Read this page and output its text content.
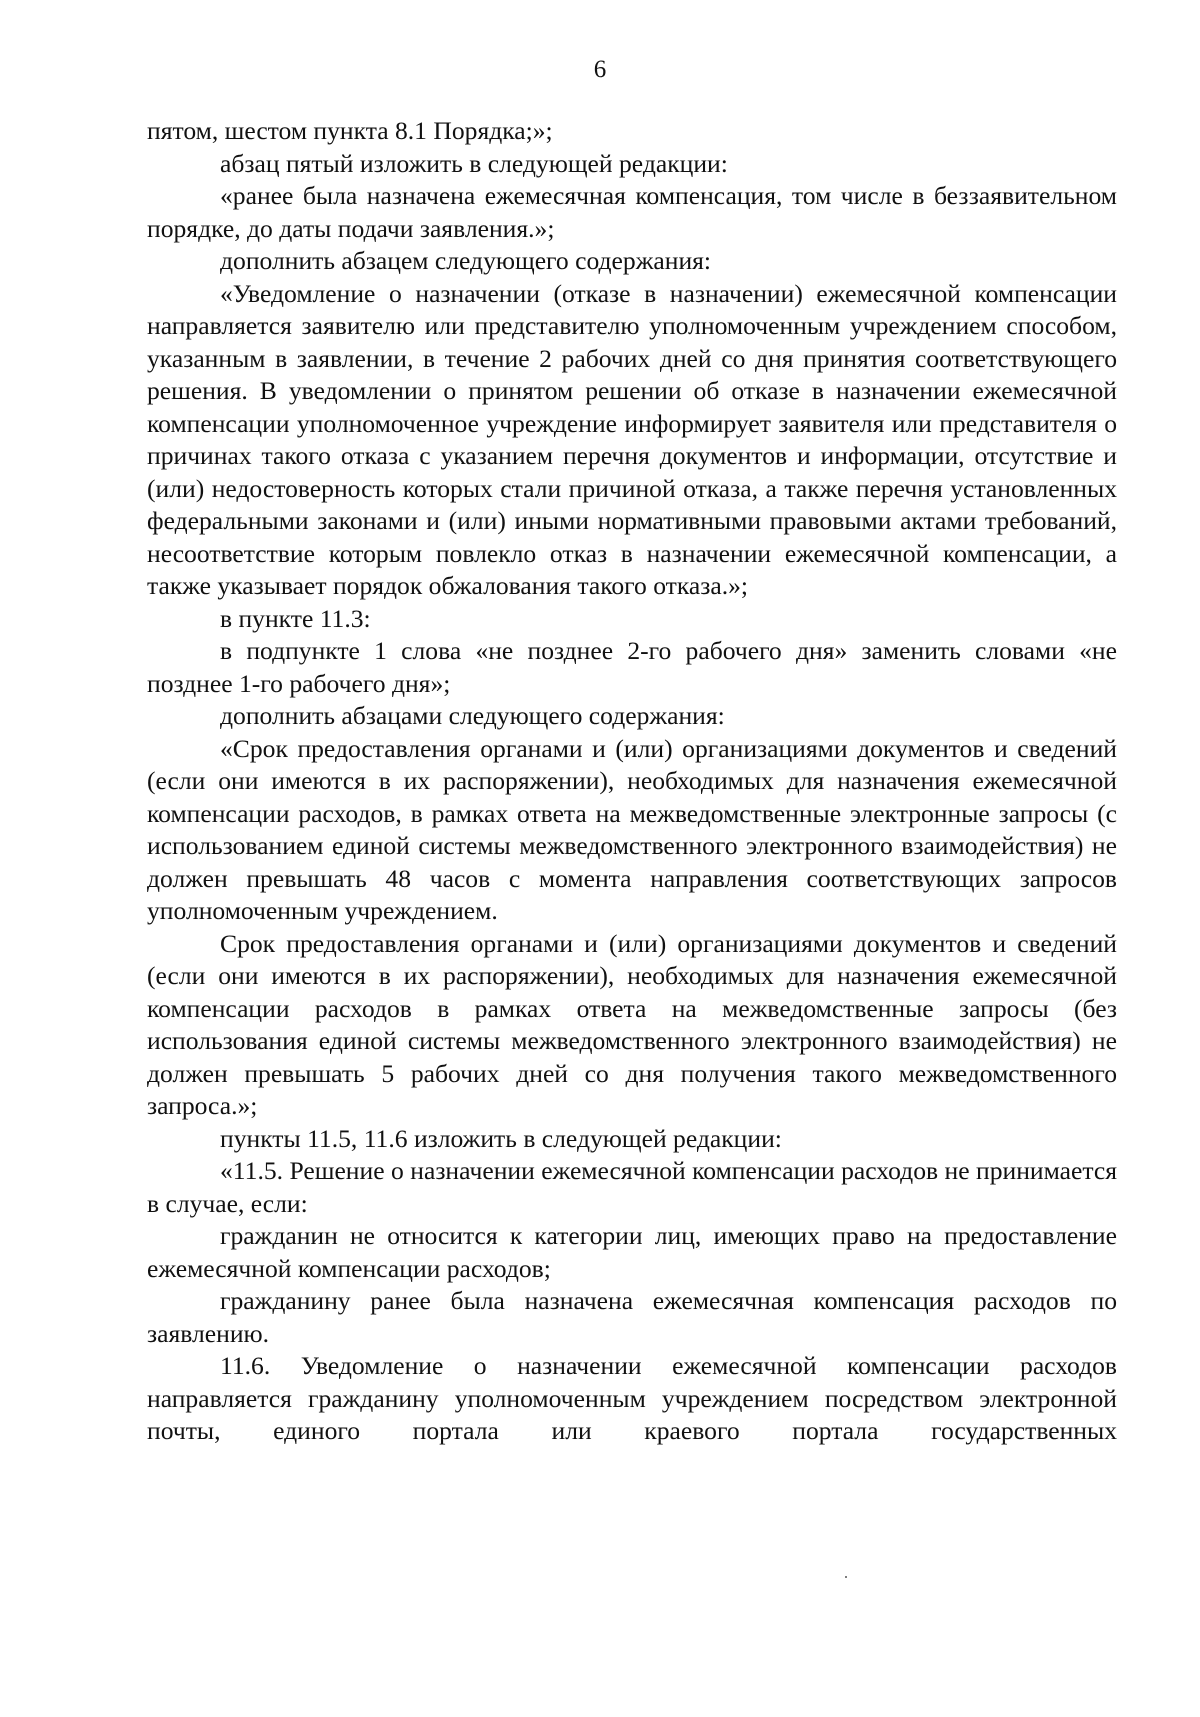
6

пятом, шестом пункта 8.1 Порядка;»;

абзац пятый изложить в следующей редакции:

«ранее была назначена ежемесячная компенсация, том числе в беззаявительном порядке, до даты подачи заявления.»;

дополнить абзацем следующего содержания:

«Уведомление о назначении (отказе в назначении) ежемесячной компенсации направляется заявителю или представителю уполномоченным учреждением способом, указанным в заявлении, в течение 2 рабочих дней со дня принятия соответствующего решения. В уведомлении о принятом решении об отказе в назначении ежемесячной компенсации уполномоченное учреждение информирует заявителя или представителя о причинах такого отказа с указанием перечня документов и информации, отсутствие и (или) недостоверность которых стали причиной отказа, а также перечня установленных федеральными законами и (или) иными нормативными правовыми актами требований, несоответствие которым повлекло отказ в назначении ежемесячной компенсации, а также указывает порядок обжалования такого отказа.»;

в пункте 11.3:

в подпункте 1 слова «не позднее 2-го рабочего дня» заменить словами «не позднее 1-го рабочего дня»;

дополнить абзацами следующего содержания:

«Срок предоставления органами и (или) организациями документов и сведений (если они имеются в их распоряжении), необходимых для назначения ежемесячной компенсации расходов, в рамках ответа на межведомственные электронные запросы (с использованием единой системы межведомственного электронного взаимодействия) не должен превышать 48 часов с момента направления соответствующих запросов уполномоченным учреждением.

Срок предоставления органами и (или) организациями документов и сведений (если они имеются в их распоряжении), необходимых для назначения ежемесячной компенсации расходов в рамках ответа на межведомственные запросы (без использования единой системы межведомственного электронного взаимодействия) не должен превышать 5 рабочих дней со дня получения такого межведомственного запроса.»;

пункты 11.5, 11.6 изложить в следующей редакции:

«11.5. Решение о назначении ежемесячной компенсации расходов не принимается в случае, если:

гражданин не относится к категории лиц, имеющих право на предоставление ежемесячной компенсации расходов;

гражданину ранее была назначена ежемесячная компенсация расходов по заявлению.

11.6. Уведомление о назначении ежемесячной компенсации расходов направляется гражданину уполномоченным учреждением посредством электронной почты, единого портала или краевого портала государственных
